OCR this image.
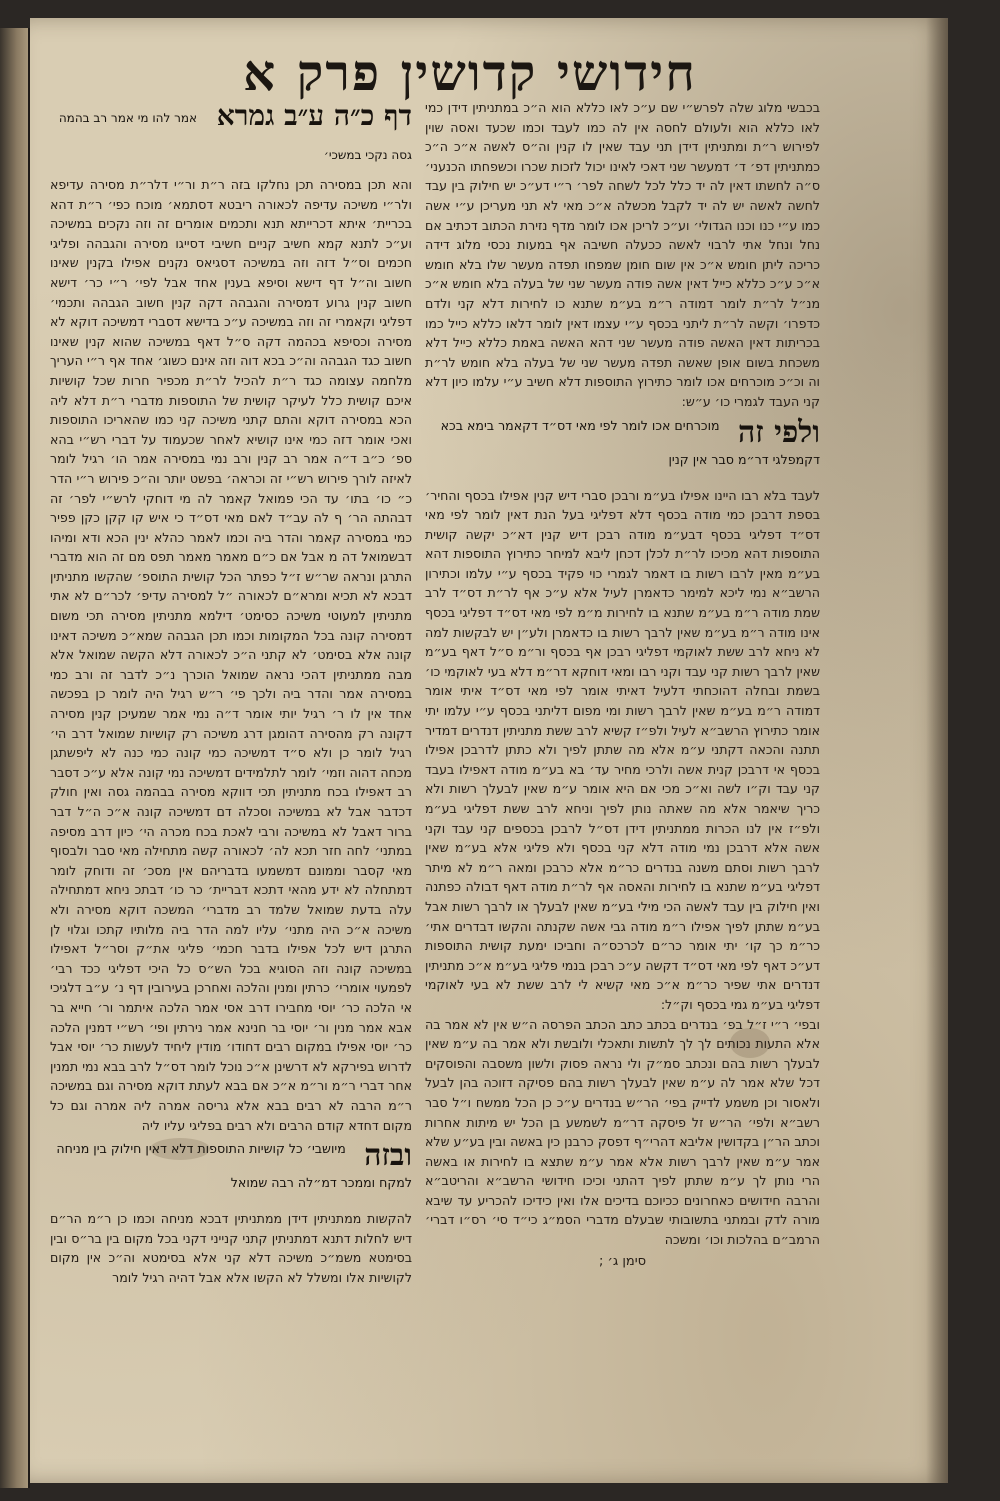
חידושי קדושין פרק א

בכבשי מלוג שלה לפרש״י שם ע״כ לאו כללא הוא ה״כ במתניתין דידן כמי לאו כללא הוא ולעולם לחסה אין לה כמו לעבד וכמו שכעד ואסה שוין לפירוש ר״ת ומתניתין דידן תני עבד שאין לו קנין וה״ס לאשה א״כ ה״כ כמתניתין דפ׳ ד׳ דמעשר שני דאכי לאינו יכול לזכות שכרו וכשפחתו הכנעני׳ ס״ה לחשתו דאין לה יד כלל לכל לשחה לפר׳ ר״י דע״כ יש חילוק בין עבד לחשה לאשה יש לה יד לקבל מכשלה א״כ מאי לא תני מעריכן ע״י אשה כמו ע״י כנו וכנו הגדולי׳ וע״כ לריכן אכו לומר מדף נזירת הכתוב דכתיב אם נחל ונחל אתי לרבוי לאשה ככעלה חשיבה אף במעות נכסי מלוג דידה כריכה ליתן חומש א״כ אין שום חומן שמפחו תפדה מעשר שלו בלא חומש א״כ ע״כ כללא כייל דאין אשה פודה מעשר שני של בעלה בלא חומש א״כ מנ״ל לר״ת לומר דמודה ר״מ בע״מ שתנא כו לחירות דלא קני ולדם כדפרו׳ וקשה לר״ת ליתני בכסף ע״י עצמו דאין לומר דלאו כללא כייל כמו בכריתות דאין האשה פודה מעשר שני דהא האשה באמת כללא כייל דלא משכחת בשום אופן שאשה תפדה מעשר שני של בעלה בלא חומש לר״ת וה וכ״כ מוכרחים אכו לומר כתירוץ התוספות דלא חשיב ע״י עלמו כיון דלא קני העבד לגמרי כו׳ ע״ש:

ולפי זה $^{מוכרחים אכו לומר לפי מאי דס״ד דקאמר בימא בכא דקמפלגי דר״מ סבר אין קנין}$

לעבד בלא רבו היינו אפילו בע״מ ורבכן סברי דיש קנין אפילו בכסף והחיר׳ בספת דרבכן כמי מודה בכסף דלא דפליגי בעל הנת דאין לומר לפי מאי דס״ד דפליגי בכסף דבע״מ מודה רבכן דיש קנין דא״כ יקשה קושית התוספות דהא מכיכו לר״ת לכלן דכחן ליבא למיחר כתירוץ התוספות דהא בע״מ מאין לרבו רשות בו דאמר לגמרי כוי פקיד בכסף ע״י עלמו וכתירון הרשב״א נמי ליכא למימר כדאמרן לעיל אלא ע״כ אף לר״ת דס״ד לרב שמת מודה ר״מ בע״מ שתנא בו לחירות מ״מ לפי מאי דס״ד דפליגי בכסף אינו מודה ר״מ בע״מ שאין לרבך רשות בו כדאמרן ולע״ן יש לבקשות למה לא ניחא לרב ששת לאוקמי דפליגי רבכן אף בכסף ור״מ ס״ל דאף בע״מ שאין לרבך רשות קני עבד וקני רבו ומאי דוחקא דר״מ דלא בעי לאוקמי כו׳ בשמת ובחלה דהוכחתי דלעיל דאיתי אומר לפי מאי דס״ד איתי אומר דמודה ר״מ בע״מ שאין לרבך רשות ומי מפום דליתני בכסף ע״י עלמו יתי אומר כתירוץ הרשב״א לעיל ולפ״ז קשיא לרב ששת מתניתין דנדרים דמדיר תתנה והכאה דקתני ע״מ אלא מה שתתן לפיך ולא כתתן לדרבכן אפילו בכסף אי דרבכן קנית אשה ולרכי מחיר עד׳ בא בע״מ מודה דאפילו בעבד קני עבד וק״ו לשה וא״כ מכי אם היא אומר ע״מ שאין לבעלך רשות ולא כריך שיאמר אלא מה שאתה נותן לפיך וניחא לרב ששת דפליגי בע״מ ולפ״ז אין לנו הכרות ממתניתין דידן דס״ל לרבכן בכספים קני עבד וקני אשה אלא דרבכן נמי מודה דלא קני בכסף ולא פליגי אלא בע״מ שאין לרבך רשות וסתם משנה בנדרים כר״מ אלא כרבכן ומאה ר״מ לא מיתר דפליגי בע״מ שתנא בו לחירות והאסה אף לר״ת מודה דאף דבולה כפתנה ואין חילוק בין עבד לאשה הכי מילי בע״מ שאין לבעלך או לרבך רשות אבל בע״מ שתתן לפיך אפילו ר״מ מודה גבי אשה שקנתה והקשו דבדרים אתי׳ כר״מ כך קו׳ יתי אומר כר״ם לכרכס״ה וחביכו ימעת קושית התוספות דע״כ דאף לפי מאי דס״ד דקשה ע״כ רבכן בנמי פליגי בע״מ א״כ מתניתין דנדרים אתי שפיר כר״מ א״כ מאי קשיא לי לרב ששת לא בעי לאוקמי דפליגי בע״מ גמי בכסף וק״ל:

ובפי׳ ר״י ז״ל בפ׳ בנדרים בכתב כתב הכתב הפרסה ה״ש אין לא אמר בה אלא התעות נכותים לך לך לתשות ותאכלי ולובשת ולא אמר בה ע״מ שאין לבעלך רשות בהם ונכתב סמ״ק ולי נראה פסוק ולשון משסבה והפוסקים דכל שלא אמר לה ע״מ שאין לבעלך רשות בהם פסיקה דזוכה בהן לבעל ולאסור וכן משמע לדייק בפי׳ הר״ש בנדרים ע״כ כן הכל ממשח ו״ל סבר רשב״א ולפי׳ הר״ש זל פיסקה דר״מ לשמשע בן הכל יש מיתות אחרות וכתב הר״ן בקדושין אליבא דהרי״ף דפסק כרבנן כין באשה ובין בע״ע שלא אמר ע״מ שאין לרבך רשות אלא אמר ע״מ שתצא בו לחירות או באשה הרי נותן לך ע״מ שתתן לפיך דהתני וכיכו חידושי הרשב״א והריטב״א והרבה חידושים כאחרונים ככיוכם בדיכים אלו ואין כידיכו להכריע עד שיבא מורה לדק ובמתני בתשובותי שבעלם מדברי הסמ״ג כי״ד סי׳ רס״ו דברי׳ הרמב״ם בהלכות וכו׳ ומשכה

סימן ג׳ ;
דף כ״ה ע״ב גמרא אמר להו מי אמר רב בהמה גסה נקכי במשכי׳

והא תכן במסירה תכן נחלקו בזה ר״ת ור״י דלר״ת מסירה עדיפא ולר״י משיכה עדיפה לכאורה ריבטא דסתמא׳ מוכח כפי׳ ר״ת דהא בכריית׳ איתא דכרייתא תנא ותכמים אומרים זה וזה נקכים במשיכה וע״כ לתנא קמא חשיב קניים חשיבי דסייגו מסירה והגבהה ופליגי חכמים וס״ל דזה וזה במשיכה דסגיאס נקנים אפילו בקנין שאינו חשוב וה״ל דף דישא וסיפא בענין אחד אבל לפי׳ ר״י כר׳ דישא חשוב קנין גרוע דמסירה והגבהה דקה קנין חשוב הגבהה ותכמי׳ דפליגי וקאמרי זה וזה במשיכה ע״כ בדישא דסברי דמשיכה דוקא לא מסירה וכסיפא בכהמה דקה ס״ל דאף במשיכה שהוא קנין שאינו חשוב כגד הגבהה וה״כ בכא דוה וזה אינם כשוג׳ אחד אף ר״י העריך מלחמה עצומה כגד ר״ת להכיל לר״ת מכפיר חרות שכל קושיות איכם קושית כלל לעיקר קושית של התוספות מדברי ר״ת דלא ליה הכא במסירה דוקא והתם קתני משיכה קני כמו שהאריכו התוספות ואכי אומר דזה כמי אינו קושיא לאחר שכעמוד על דברי רש״י בהא ספ׳ כ״ב ד״ה אמר רב קנין ורב נמי במסירה אמר הו׳ רגיל לומר לאיזה לורך פירוש רש״י זה וכראה׳ בפשט יותר וה״כ פירוש ר״י הדר כ״ כו׳ בתו׳ עד הכי פמואל קאמר לה מי דוחקי לרש״י לפר׳ זה דבהתה הר׳ ף לה עב״ד לאם מאי דס״ד כי איש קו קקן כקן פפיר כמי במסירה קאמר והדר ביה וכמו לאמר כהלא ינין הכא ודא ומיהו דבשמואל דה מ אבל אם כ״ם מאמר מאמר תפס מם זה הוא מדברי התרגן ונראה שר״ש ז״ל כפתר הכל קושית התוספ׳ שהקשו מתניתין דבכא לא תכיא ומרא״ם לכאורה ״ל למסירה עדיפ׳ לכר״ם לא אתי מתניתין למעוטי משיכה כסימט׳ דילמא מתניתין מסירה תכי משום דמסירה קונה בכל המקומות וכמו תכן הגבהה שמא״כ משיכה דאינו קונה אלא בסימט׳ לא קתני ה״כ לכאורה דלא הקשה שמואל אלא מבה ממתניתין דהכי נראה שמואל הוכרך נ״כ לדבר זה ורב כמי במסירה אמר והדר ביה ולכך פי׳ ר״ש רגיל היה לומר כן בפכשה אחד אין לו ר׳ רגיל יותי אומר ד״ה נמי אמר שמעיכן קנין מסירה דקונה רק מהסירה דהומגן דרג משיכה רק קושיות שמואל דרב הי׳ רגיל לומר כן ולא ס״ד דמשיכה כמי קונה כמי כנה לא ליפשתגן מכחה דהוה וזמי׳ לומר לתלמידים דמשיכה נמי קונה אלא ע״כ דסבר רב דאפילו בכח מתניתין תכי דווקא מסירה בבהמה גסה ואין חולק דכדבר אבל לא במשיכה וסכלה דם דמשיכה קונה א״כ ה״ל דבר ברור דאבל לא במשיכה ורבי לאכת בכח מכרה הי׳ כיון דרב מסיפה במתני׳ לחה חזר תכא לה׳ לכאורה קשה מתחילה מאי סבר ולבסוף מאי קסבר וממונם דמשמעו בדבריהם אין מסכ׳ זה ודוחק לומר דמתחלה לא ידע מהאי דתכא דבריית׳ כר כו׳ דבתכ ניחא דמתחילה עלה בדעת שמואל שלמד רב מדברי׳ המשכה דוקא מסירה ולא משיכה א״כ היה מתני׳ עליו למה הדר ביה מלותיו קתכו וגלוי לן התרגן דיש לכל אפילו בדבר חכמי׳ פליגי את״ק וסר״ל דאפילו במשיכה קונה וזה הסוגיא בכל הש״ס כל היכי דפליגי ככד רבי׳ לפמעוי אומרי׳ כרתין ומנין והלכה ואחרכן בעירובין דף נ׳ ע״ב דלגיכי אי הלכה כר׳ יוסי מחבירו דרב אסי אמר הלכה איתמר ור׳ חייא בר אבא אמר מנין ור׳ יוסי בר חנינא אמר נירתין ופי׳ רש״י דמנין הלכה כר׳ יוסי אפילו במקום רבים דחודו׳ מודין ליחיד לעשות כר׳ יוסי אבל לדרוש בפירקא לא דרשינן א״כ נוכל לומר דס״ל לרב בבא נמי תמנין אחר דברי ר״מ ור״מ א״כ אם בבא לעתת דוקא מסירה וגם במשיכה ר״מ הרבה לא רבים בבא אלא גריסה אמרה ליה אמרה וגם כל מקום דחדא קודם הרבים ולא רבים בפליגי עליו ליה

ובזה $^{מיושבי׳ כל קושיות התוספות דלא דאין חילוק בין מניחה למקח וממכר דמ״לה רבה שמואל}$

להקשות ממתניתין דידן ממתניתין דבכא מניחה וכמו כן ר״מ הר״ם דיש לחלות דתנא דמתניתין קתני קנייני דקני בכל מקום בין בר״ס ובין בסימטא משמ״כ משיכה דלא קני אלא בסימטא וה״כ אין מקום לקושיות אלו ומשלל לא הקשו אלא אבל דהיה רגיל לומר
